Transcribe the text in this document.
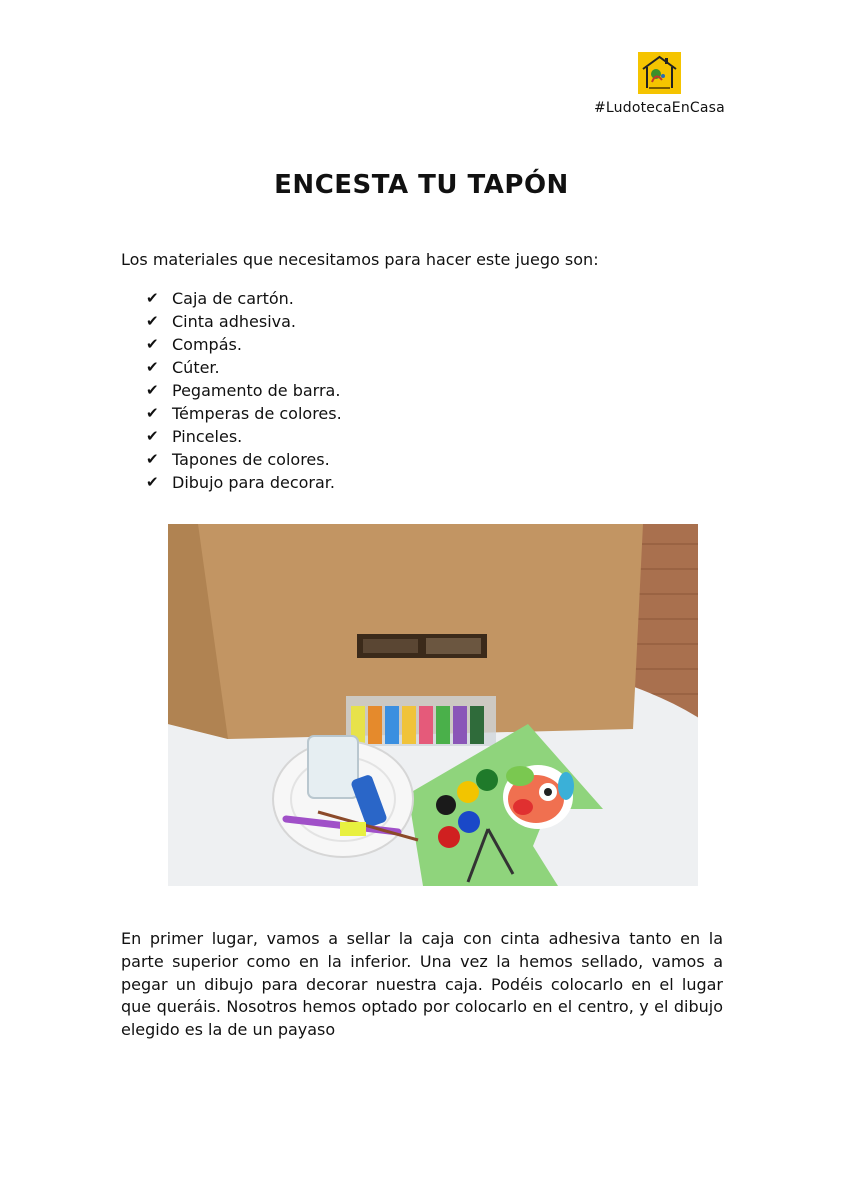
#LudotecaEnCasa
ENCESTA TU TAPÓN
Los materiales que necesitamos para hacer este juego son:
✔ Caja de cartón.
✔ Cinta adhesiva.
✔ Compás.
✔ Cúter.
✔ Pegamento de barra.
✔ Témperas de colores.
✔ Pinceles.
✔ Tapones de colores.
✔ Dibujo para decorar.

En primer lugar, vamos a sellar la caja con cinta adhesiva tanto en la parte superior como en la inferior. Una vez la hemos sellado, vamos a pegar un dibujo para decorar nuestra caja. Podéis colocarlo en el lugar que queráis. Nosotros hemos optado por colocarlo en el centro, y el dibujo elegido es la de un payaso
